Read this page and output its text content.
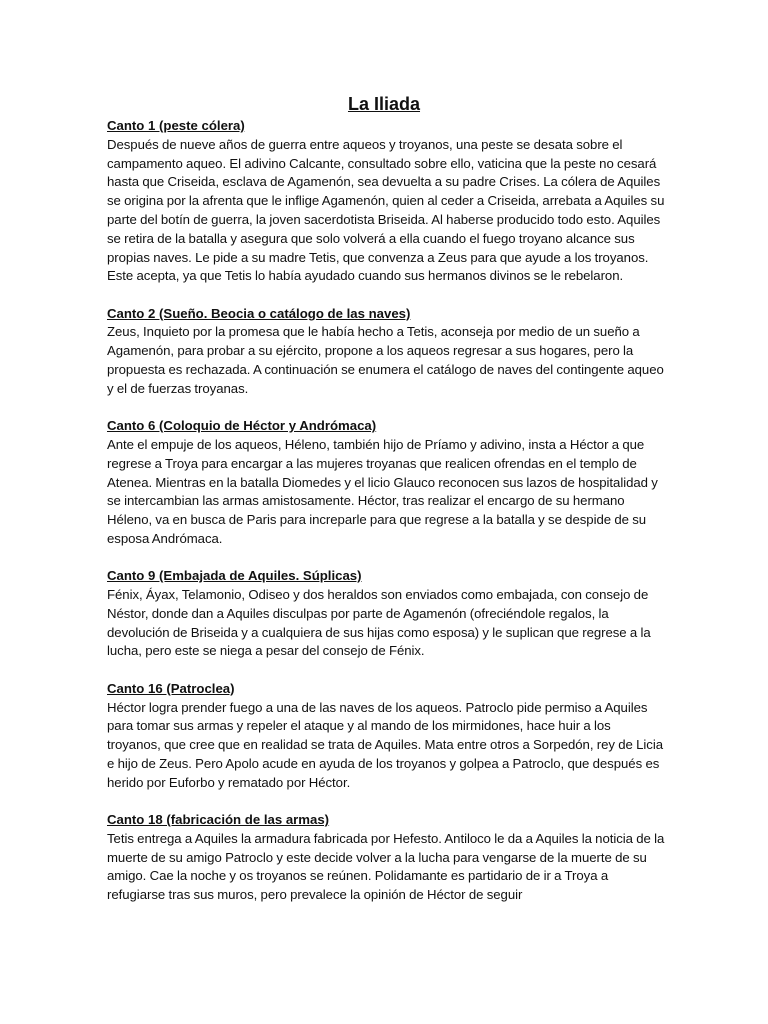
La Iliada

Canto 1 (peste cólera)

Después de nueve años de guerra entre aqueos y troyanos, una peste se desata sobre el campamento aqueo. El adivino Calcante, consultado sobre ello, vaticina que la peste no cesará hasta que Criseida, esclava de Agamenón, sea devuelta a su padre Crises. La cólera de Aquiles se origina por la afrenta que le inflige Agamenón, quien al ceder a Criseida, arrebata a Aquiles su parte del botín de guerra, la joven sacerdotista Briseida. Al haberse producido todo esto. Aquiles se retira de la batalla y asegura que solo volverá a ella cuando el fuego troyano alcance sus propias naves. Le pide a su madre Tetis, que convenza a Zeus para que ayude a los troyanos. Este acepta, ya que Tetis lo había ayudado cuando sus hermanos divinos se le rebelaron.

Canto 2 (Sueño. Beocia o catálogo de las naves)

Zeus, Inquieto por la promesa que le había hecho a Tetis, aconseja por medio de un sueño a Agamenón, para probar a su ejército, propone a los aqueos regresar a sus hogares, pero la propuesta es rechazada. A continuación se enumera el catálogo de naves del contingente aqueo y el de fuerzas troyanas.

Canto 6 (Coloquio de Héctor y Andrómaca)

Ante el empuje de los aqueos, Héleno, también hijo de Príamo y adivino, insta a Héctor a que regrese a Troya para encargar a las mujeres troyanas que realicen ofrendas en el templo de Atenea. Mientras en la batalla Diomedes y el licio Glauco reconocen sus lazos de hospitalidad y se intercambian las armas amistosamente. Héctor, tras realizar el encargo de su hermano Héleno, va en busca de Paris para increparle para que regrese a la batalla y se despide de su esposa Andrómaca.

Canto 9 (Embajada de Aquiles. Súplicas)

Fénix, Áyax, Telamonio, Odiseo y dos heraldos son enviados como embajada, con consejo de Néstor, donde dan a Aquiles disculpas por parte de Agamenón (ofreciéndole regalos, la devolución de Briseida y a cualquiera de sus hijas como esposa) y le suplican que regrese a la lucha, pero este se niega a pesar del consejo de Fénix.

Canto 16 (Patroclea)

Héctor logra prender fuego a una de las naves de los aqueos. Patroclo pide permiso a Aquiles para tomar sus armas y repeler el ataque y al mando de los mirmidones, hace huir a los troyanos, que cree que en realidad se trata de Aquiles. Mata entre otros a Sorpedón, rey de Licia e hijo de Zeus. Pero Apolo acude en ayuda de los troyanos y golpea a Patroclo, que después es herido por Euforbo y rematado por Héctor.

Canto 18 (fabricación de las armas)

Tetis entrega a Aquiles la armadura fabricada por Hefesto. Antiloco le da a Aquiles la noticia de la muerte de su amigo Patroclo y este decide volver a la lucha para vengarse de la muerte de su amigo. Cae la noche y os troyanos se reúnen. Polidamante es partidario de ir a Troya a refugiarse tras sus muros, pero prevalece la opinión de Héctor de seguir
